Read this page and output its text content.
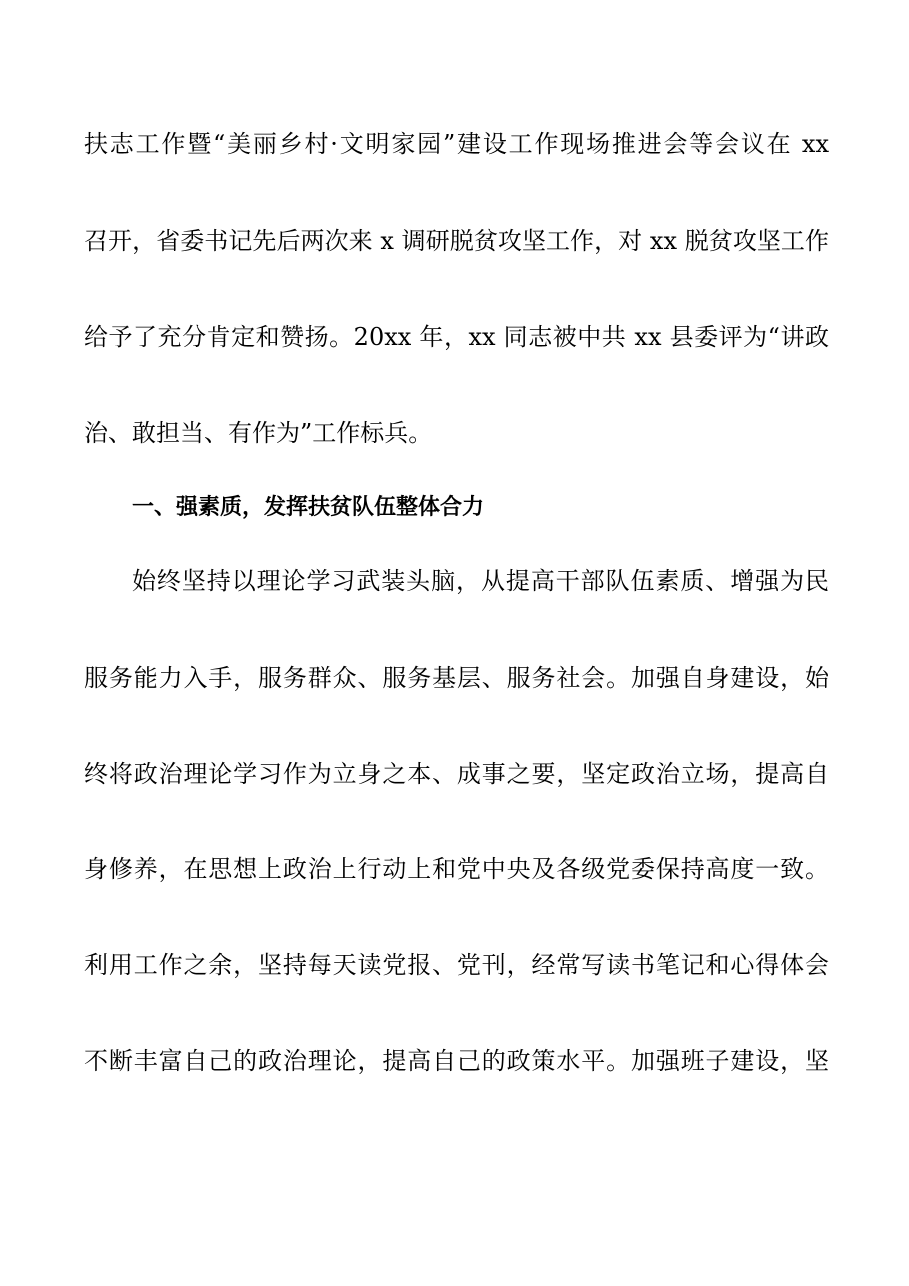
扶志工作暨“美丽乡村·文明家园”建设工作现场推进会等会议在 xx
召开，省委书记先后两次来 x 调研脱贫攻坚工作，对 xx 脱贫攻坚工作
给予了充分肯定和赞扬。20xx 年，xx 同志被中共 xx 县委评为“讲政
治、敢担当、有作为”工作标兵。
一、强素质，发挥扶贫队伍整体合力
始终坚持以理论学习武装头脑，从提高干部队伍素质、增强为民
服务能力入手，服务群众、服务基层、服务社会。加强自身建设，始
终将政治理论学习作为立身之本、成事之要，坚定政治立场，提高自
身修养，在思想上政治上行动上和党中央及各级党委保持高度一致。
利用工作之余，坚持每天读党报、党刊，经常写读书笔记和心得体会
不断丰富自己的政治理论，提高自己的政策水平。加强班子建设，坚
